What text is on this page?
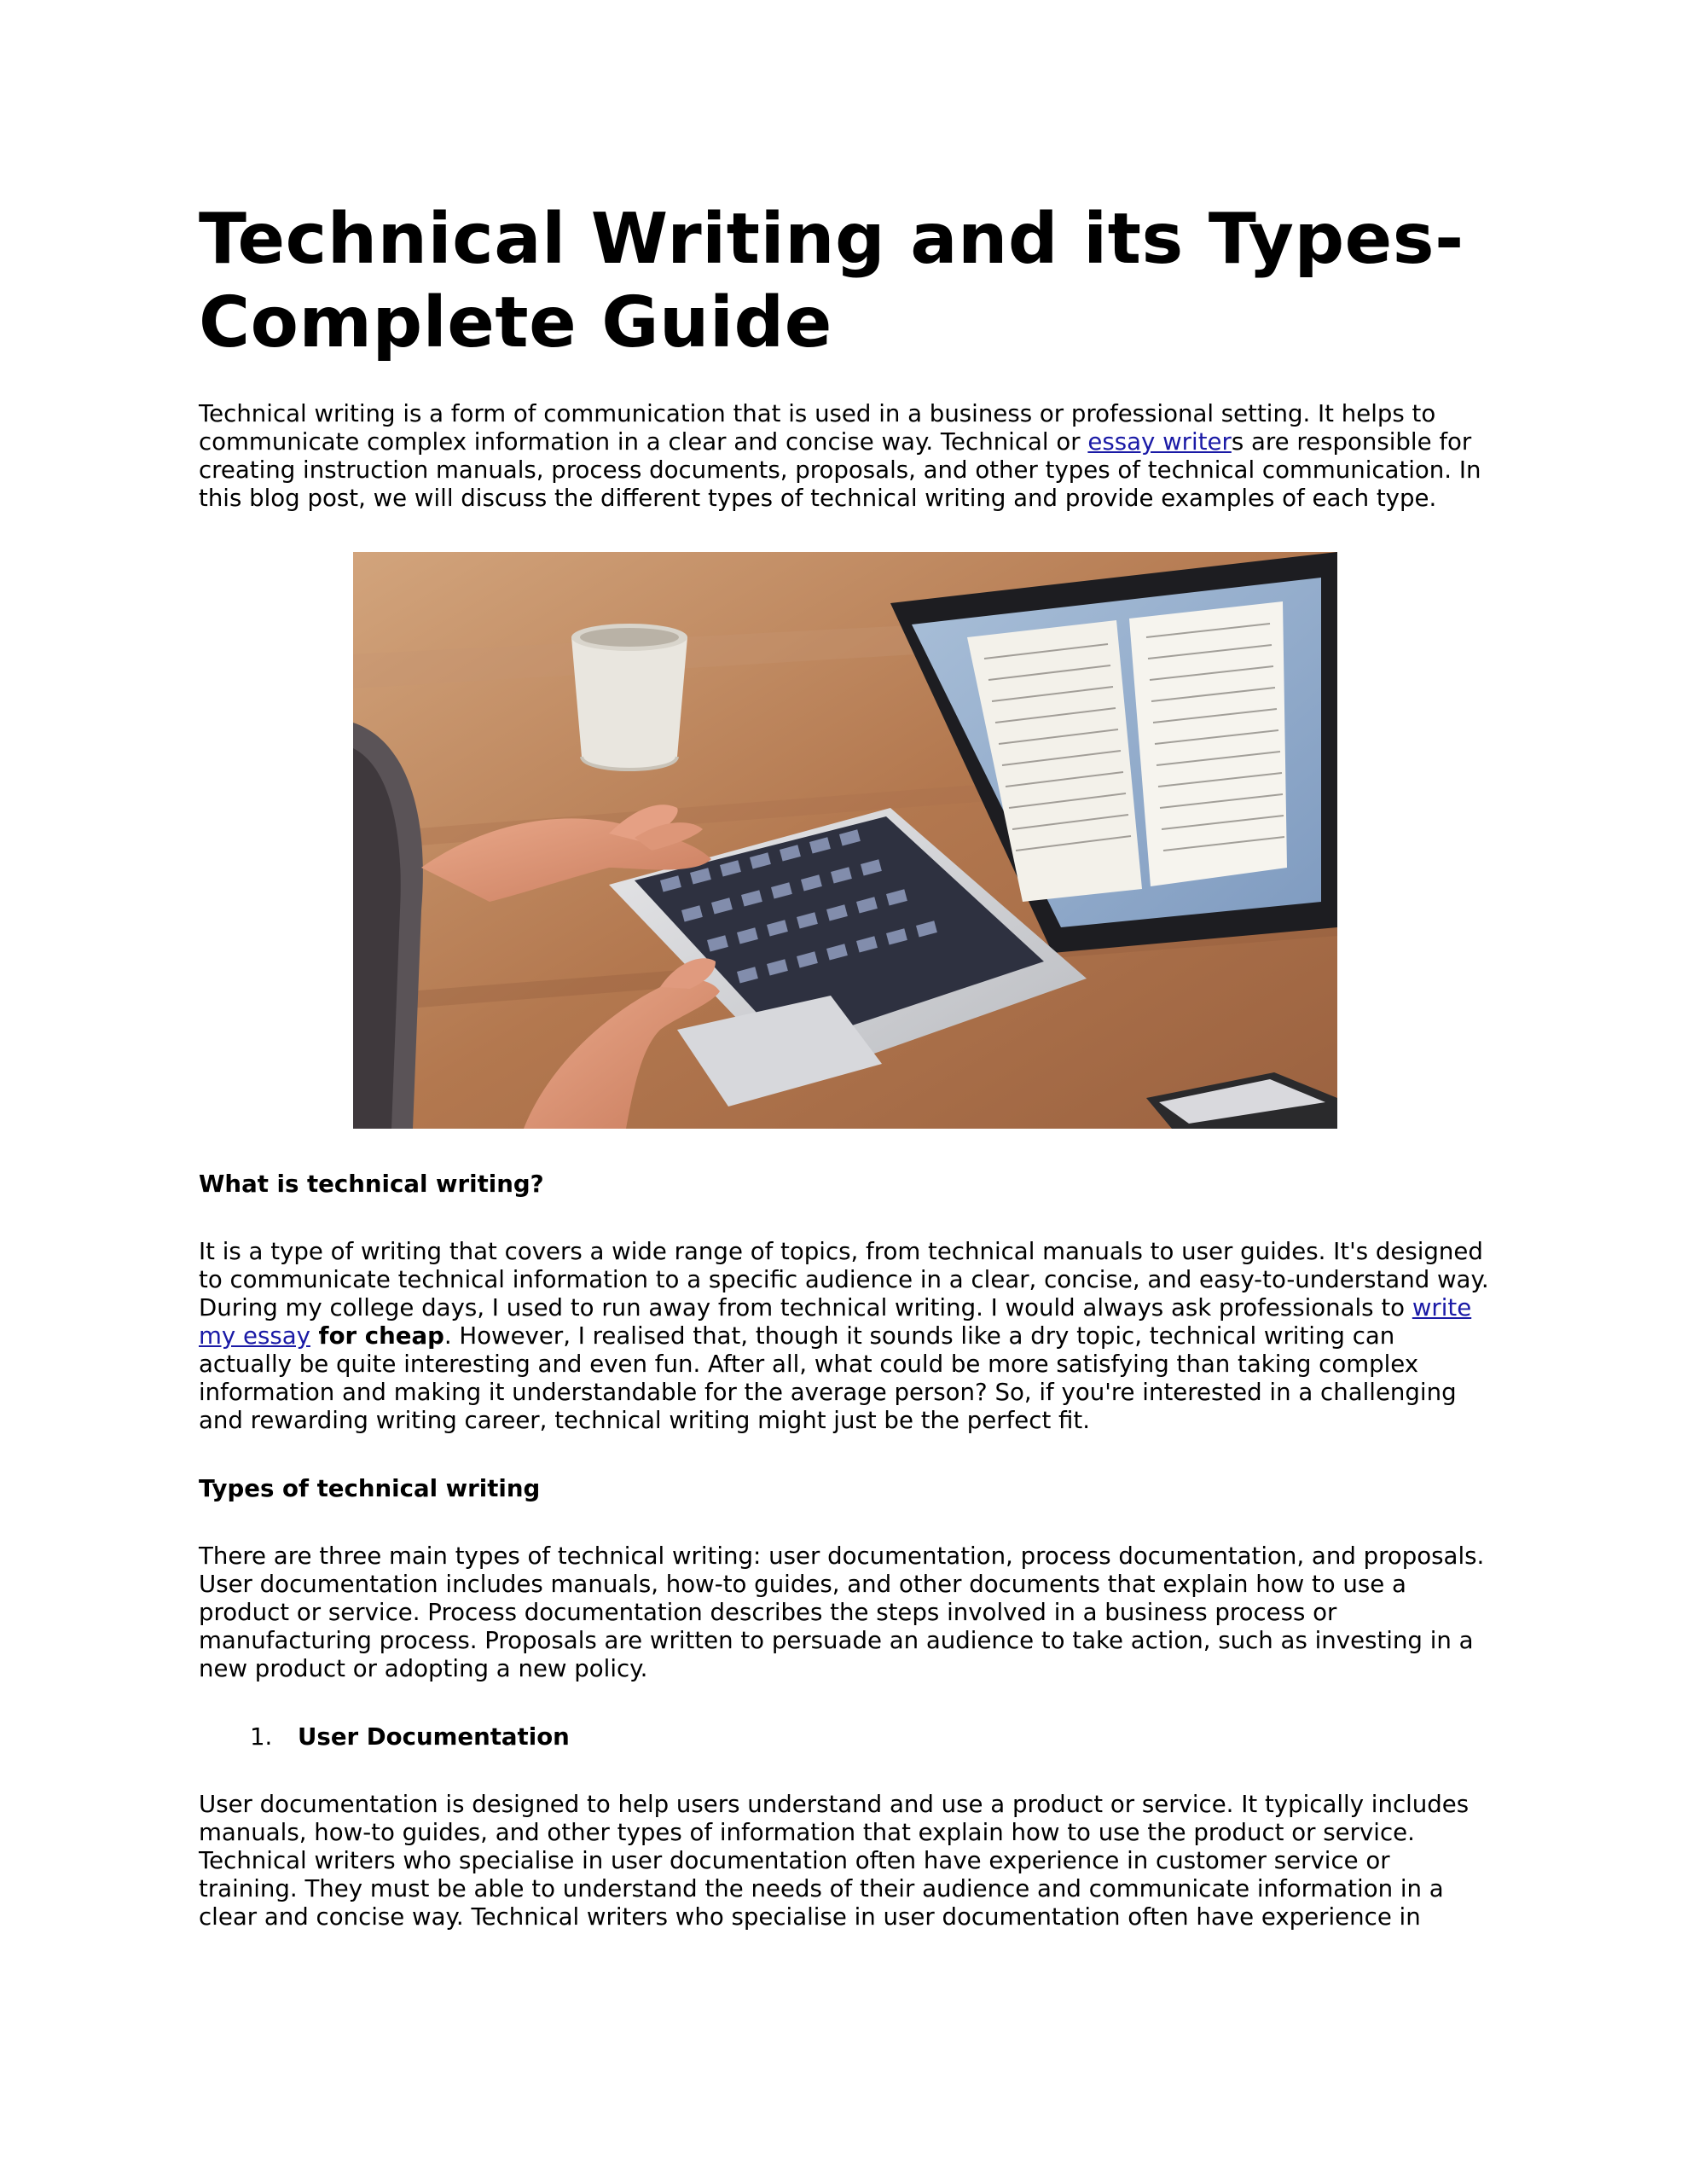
Technical Writing and its Types-Complete Guide

Technical writing is a form of communication that is used in a business or professional setting. It helps to communicate complex information in a clear and concise way. Technical or essay writers are responsible for creating instruction manuals, process documents, proposals, and other types of technical communication. In this blog post, we will discuss the different types of technical writing and provide examples of each type.

What is technical writing?

It is a type of writing that covers a wide range of topics, from technical manuals to user guides. It's designed to communicate technical information to a specific audience in a clear, concise, and easy-to-understand way. During my college days, I used to run away from technical writing. I would always ask professionals to write my essay for cheap. However, I realised that, though it sounds like a dry topic, technical writing can actually be quite interesting and even fun. After all, what could be more satisfying than taking complex information and making it understandable for the average person? So, if you're interested in a challenging and rewarding writing career, technical writing might just be the perfect fit.

Types of technical writing

There are three main types of technical writing: user documentation, process documentation, and proposals. User documentation includes manuals, how-to guides, and other documents that explain how to use a product or service. Process documentation describes the steps involved in a business process or manufacturing process. Proposals are written to persuade an audience to take action, such as investing in a new product or adopting a new policy.

1. User Documentation

User documentation is designed to help users understand and use a product or service. It typically includes manuals, how-to guides, and other types of information that explain how to use the product or service. Technical writers who specialise in user documentation often have experience in customer service or training. They must be able to understand the needs of their audience and communicate information in a clear and concise way. Technical writers who specialise in user documentation often have experience in
